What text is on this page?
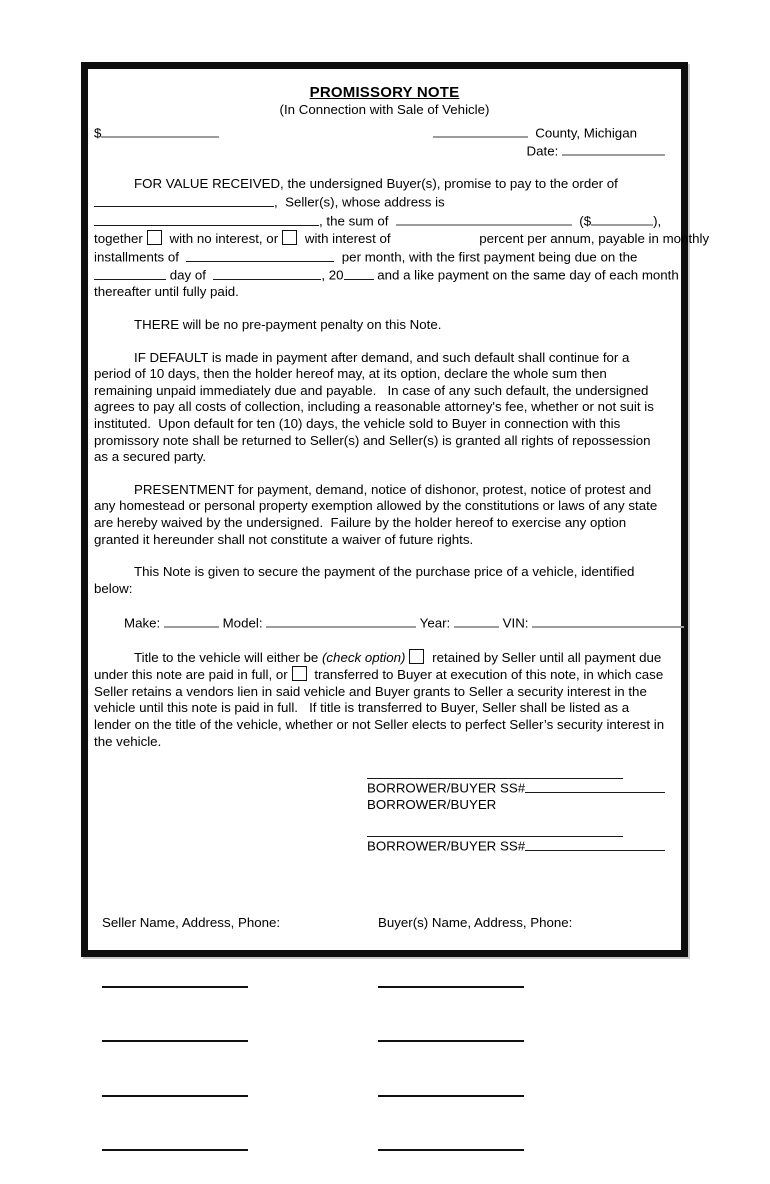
PROMISSORY NOTE
(In Connection with Sale of Vehicle)
$	County, Michigan
Date:
FOR VALUE RECEIVED, the undersigned Buyer(s), promise to pay to the order of
,  Seller(s), whose address is
, the sum of	($	),
together with no interest, or with interest of	percent per annum, payable in monthly
installments of	per month, with the first payment being due on the
day of	, 20 and a like payment on the same day of each month
thereafter until fully paid.
THERE will be no pre-payment penalty on this Note.
IF DEFAULT is made in payment after demand, and such default shall continue for a
period of 10 days, then the holder hereof may, at its option, declare the whole sum then
remaining unpaid immediately due and payable.   In case of any such default, the undersigned
agrees to pay all costs of collection, including a reasonable attorney's fee, whether or not suit is
instituted.  Upon default for ten (10) days, the vehicle sold to Buyer in connection with this
promissory note shall be returned to Seller(s) and Seller(s) is granted all rights of repossession
as a secured party.
PRESENTMENT for payment, demand, notice of dishonor, protest, notice of protest and
any homestead or personal property exemption allowed by the constitutions or laws of any state
are hereby waived by the undersigned.  Failure by the holder hereof to exercise any option
granted it hereunder shall not constitute a waiver of future rights.
This Note is given to secure the payment of the purchase price of a vehicle, identified
below:
Make:	Model:	Year:	VIN:
Title to the vehicle will either be (check option) retained by Seller until all payment due
under this note are paid in full, or transferred to Buyer at execution of this note, in which case
Seller retains a vendors lien in said vehicle and Buyer grants to Seller a security interest in the
vehicle until this note is paid in full.   If title is transferred to Buyer, Seller shall be listed as a
lender on the title of the vehicle, whether or not Seller elects to perfect Seller’s security interest in
the vehicle.
BORROWER/BUYER SS#
BORROWER/BUYER
BORROWER/BUYER SS#

Seller Name, Address, Phone:

	Buyer(s) Name, Address, Phone:
